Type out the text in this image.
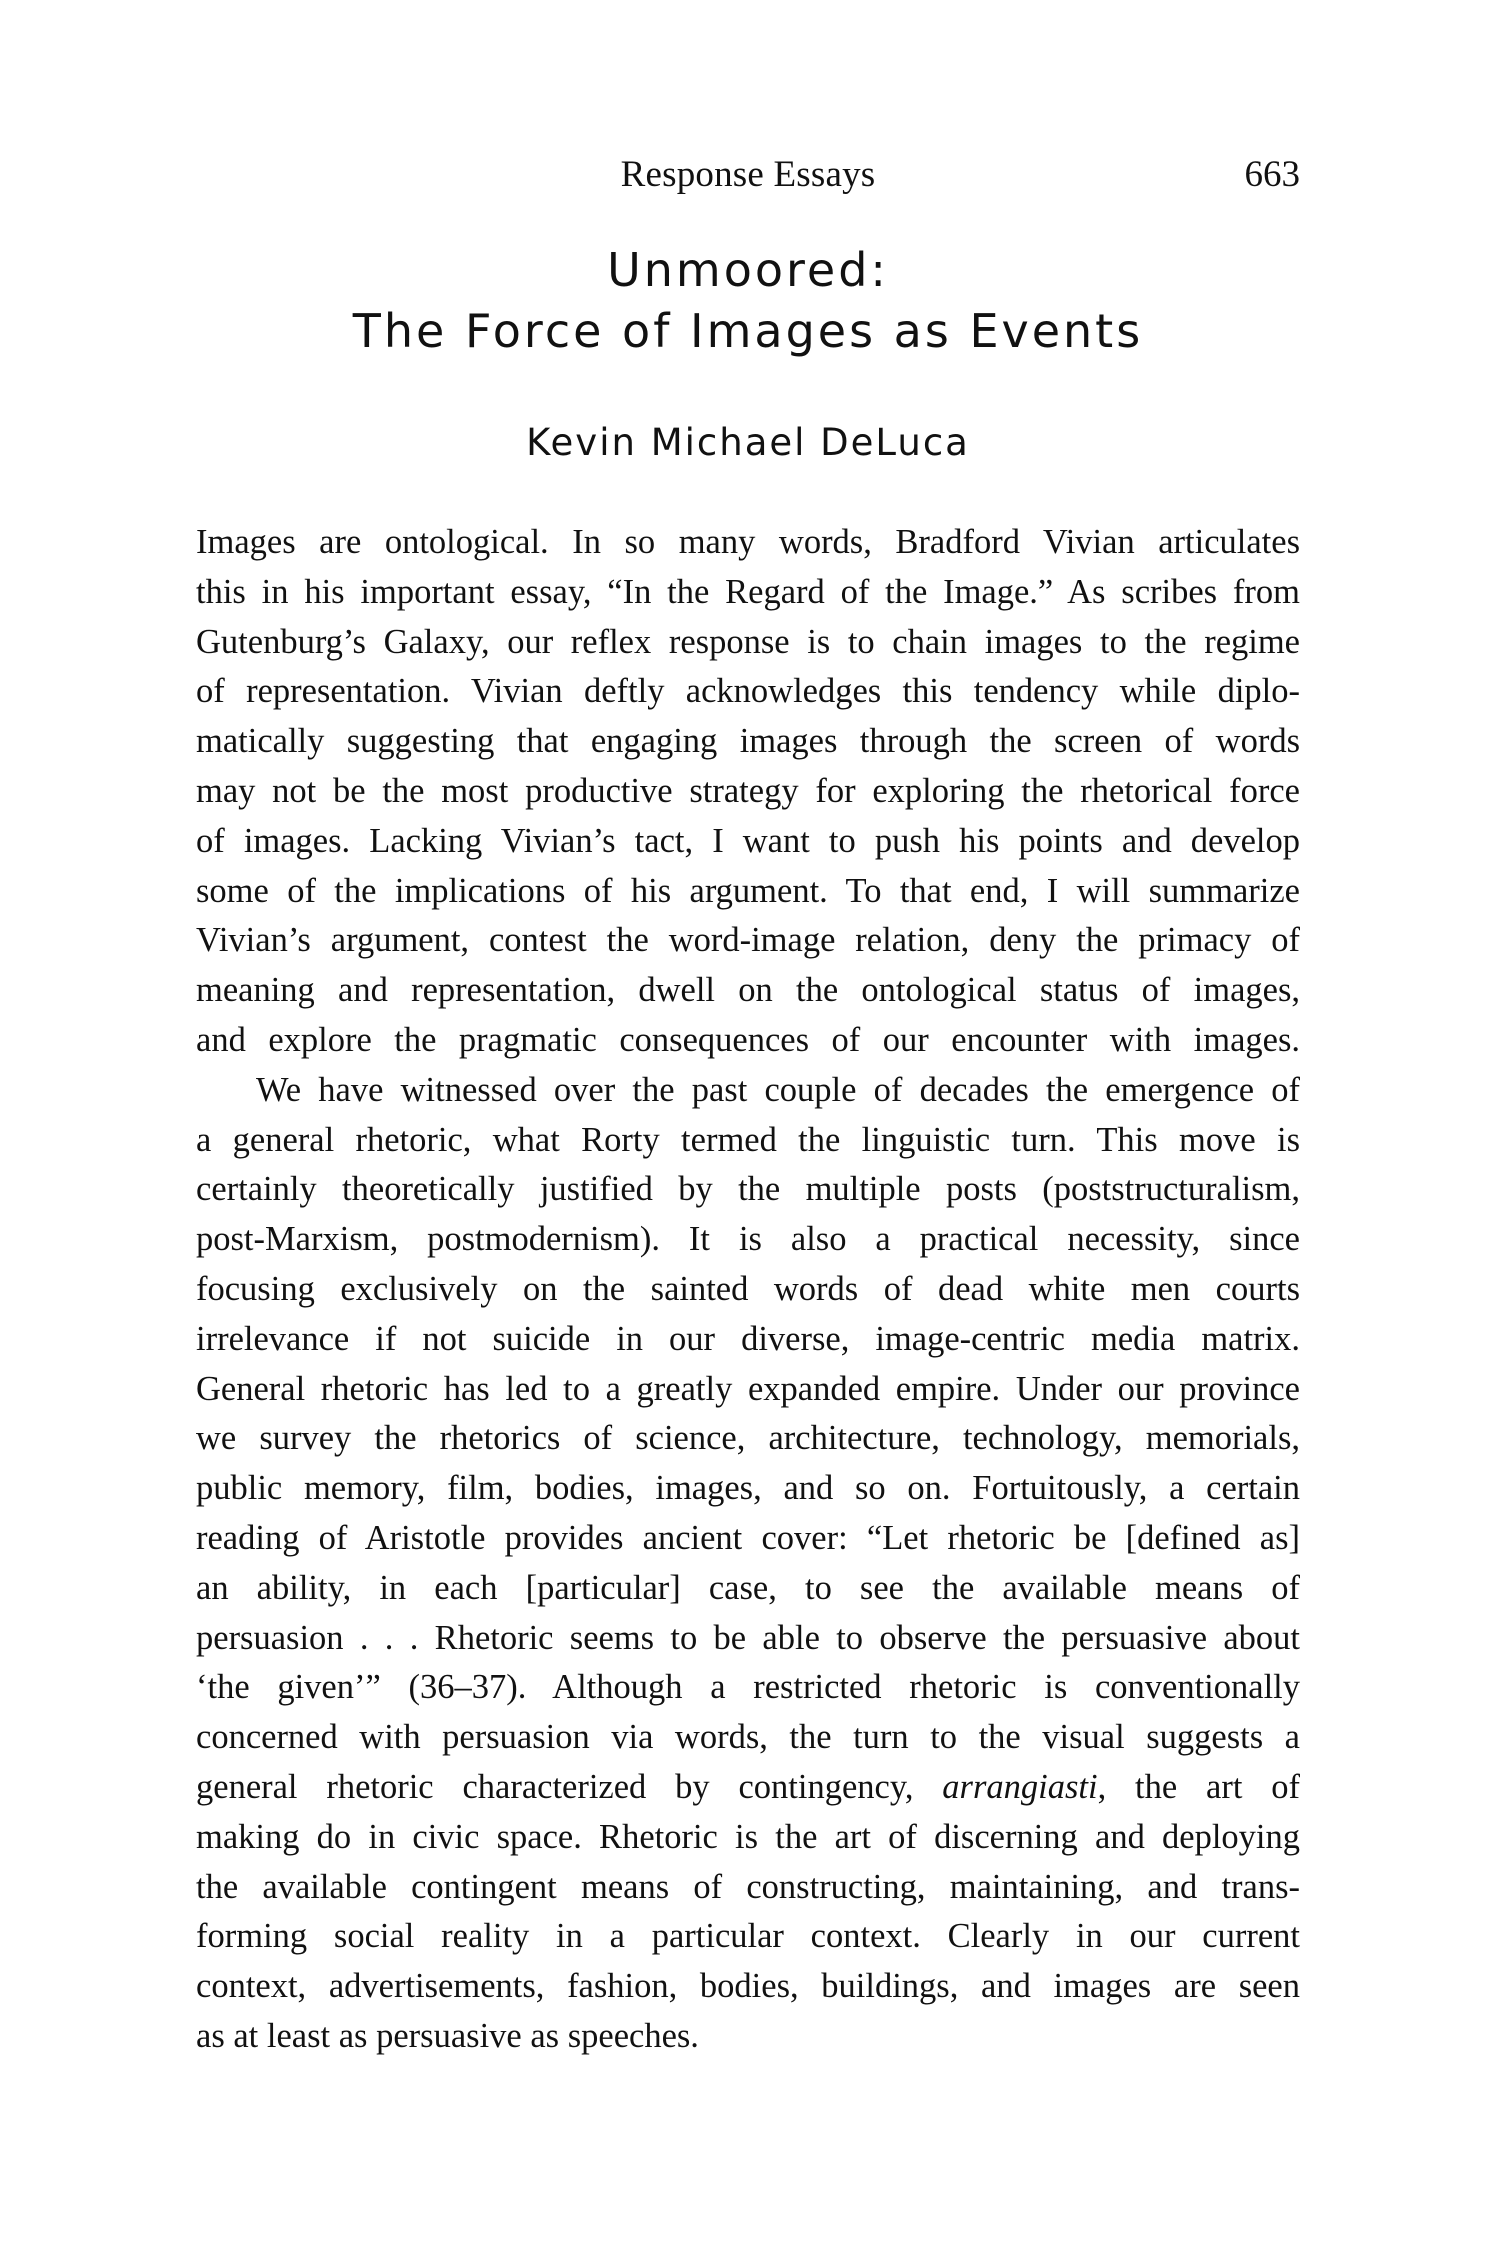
Response Essays	663
Unmoored:
The Force of Images as Events
Kevin Michael DeLuca
Images are ontological. In so many words, Bradford Vivian articulates
this in his important essay, “In the Regard of the Image.” As scribes from
Gutenburg’s Galaxy, our reflex response is to chain images to the regime
of representation. Vivian deftly acknowledges this tendency while diplo-
matically suggesting that engaging images through the screen of words
may not be the most productive strategy for exploring the rhetorical force
of images. Lacking Vivian’s tact, I want to push his points and develop
some of the implications of his argument. To that end, I will summarize
Vivian’s argument, contest the word-image relation, deny the primacy of
meaning and representation, dwell on the ontological status of images,
and explore the pragmatic consequences of our encounter with images.
We have witnessed over the past couple of decades the emergence of
a general rhetoric, what Rorty termed the linguistic turn. This move is
certainly theoretically justified by the multiple posts (poststructuralism,
post-Marxism, postmodernism). It is also a practical necessity, since
focusing exclusively on the sainted words of dead white men courts
irrelevance if not suicide in our diverse, image-centric media matrix.
General rhetoric has led to a greatly expanded empire. Under our province
we survey the rhetorics of science, architecture, technology, memorials,
public memory, film, bodies, images, and so on. Fortuitously, a certain
reading of Aristotle provides ancient cover: “Let rhetoric be [defined as]
an ability, in each [particular] case, to see the available means of
persuasion . . . Rhetoric seems to be able to observe the persuasive about
‘the given’” (36–37). Although a restricted rhetoric is conventionally
concerned with persuasion via words, the turn to the visual suggests a
general rhetoric characterized by contingency, arrangiasti, the art of
making do in civic space. Rhetoric is the art of discerning and deploying
the available contingent means of constructing, maintaining, and trans-
forming social reality in a particular context. Clearly in our current
context, advertisements, fashion, bodies, buildings, and images are seen
as at least as persuasive as speeches.
